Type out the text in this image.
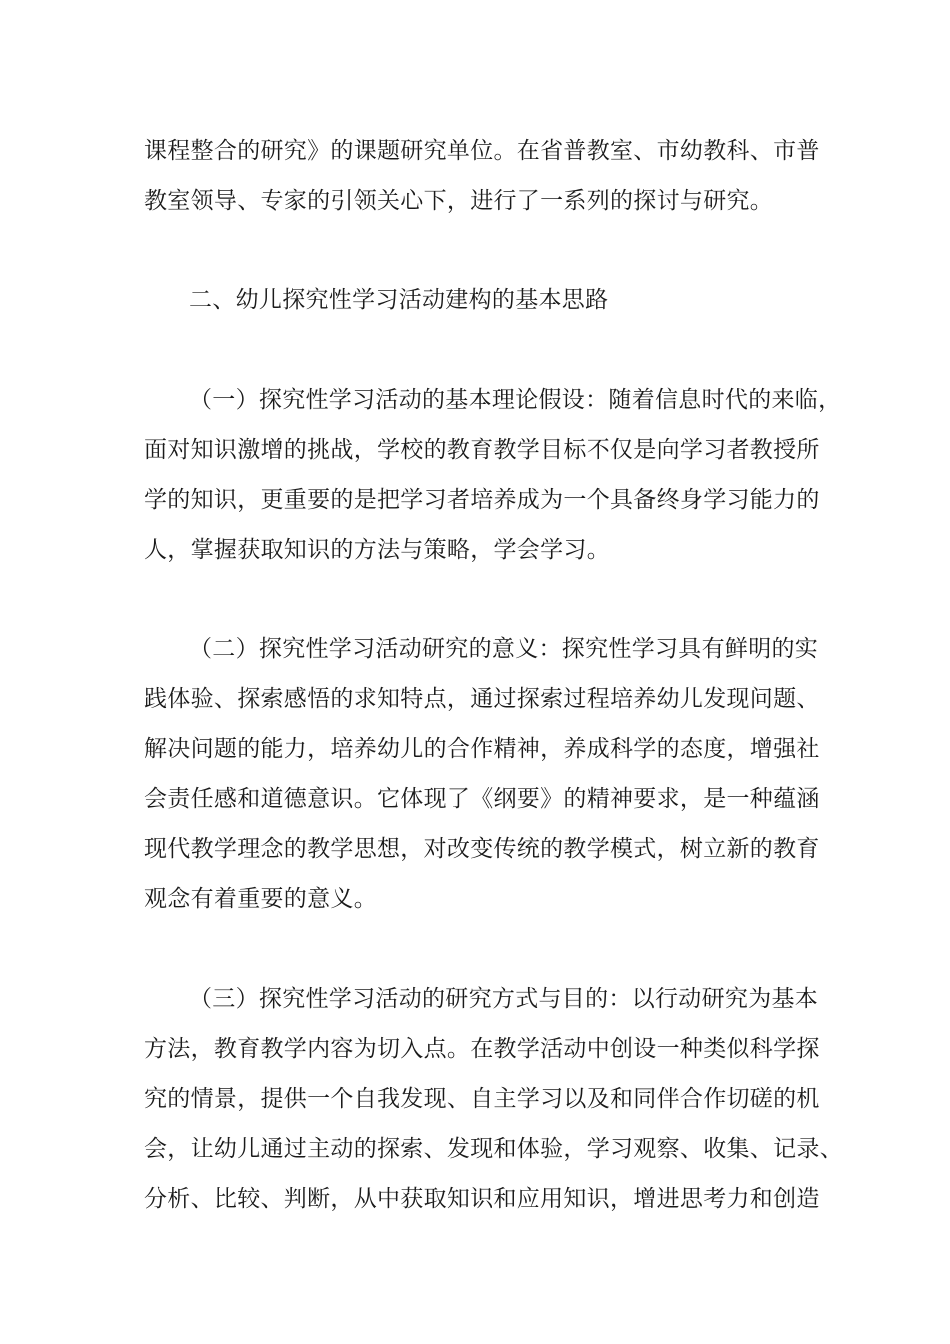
课程整合的研究》的课题研究单位。在省普教室、市幼教科、市普
教室领导、专家的引领关心下，进行了一系列的探讨与研究。
二、幼儿探究性学习活动建构的基本思路
（一）探究性学习活动的基本理论假设：随着信息时代的来临，
面对知识激增的挑战，学校的教育教学目标不仅是向学习者教授所
学的知识，更重要的是把学习者培养成为一个具备终身学习能力的
人，掌握获取知识的方法与策略，学会学习。
（二）探究性学习活动研究的意义：探究性学习具有鲜明的实
践体验、探索感悟的求知特点，通过探索过程培养幼儿发现问题、
解决问题的能力，培养幼儿的合作精神，养成科学的态度，增强社
会责任感和道德意识。它体现了《纲要》的精神要求，是一种蕴涵
现代教学理念的教学思想，对改变传统的教学模式，树立新的教育
观念有着重要的意义。
（三）探究性学习活动的研究方式与目的：以行动研究为基本
方法，教育教学内容为切入点。在教学活动中创设一种类似科学探
究的情景，提供一个自我发现、自主学习以及和同伴合作切磋的机
会，让幼儿通过主动的探索、发现和体验，学习观察、收集、记录、
分析、比较、判断，从中获取知识和应用知识，增进思考力和创造
